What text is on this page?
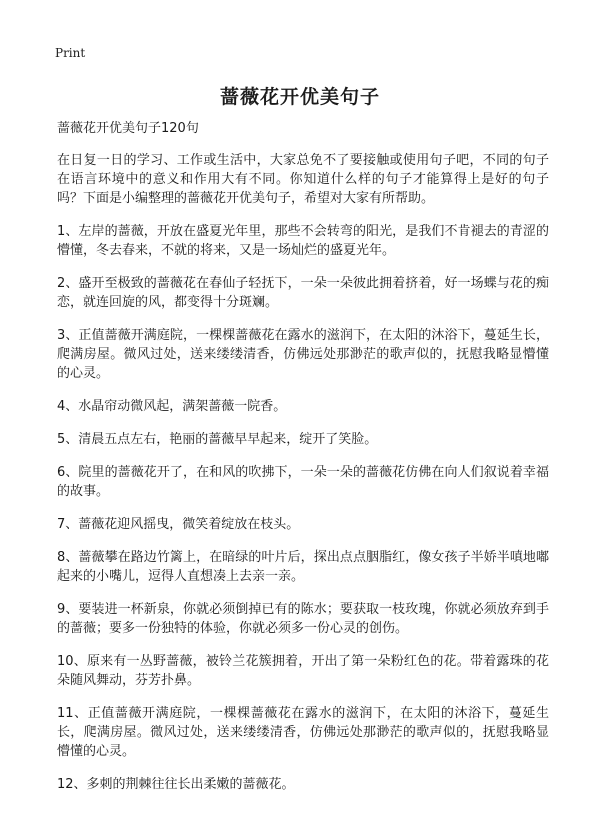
Print
蔷薇花开优美句子

蔷薇花开优美句子120句

在日复一日的学习、工作或生活中，大家总免不了要接触或使用句子吧，不同的句子在语言环境中的意义和作用大有不同。你知道什么样的句子才能算得上是好的句子吗？下面是小编整理的蔷薇花开优美句子，希望对大家有所帮助。

1、左岸的蔷薇，开放在盛夏光年里，那些不会转弯的阳光，是我们不肯褪去的青涩的懵懂，冬去春来，不就的将来，又是一场灿烂的盛夏光年。

2、盛开至极致的蔷薇花在春仙子轻抚下，一朵一朵彼此拥着挤着，好一场蝶与花的痴恋，就连回旋的风，都变得十分斑斓。

3、正值蔷薇开满庭院，一棵棵蔷薇花在露水的滋润下，在太阳的沐浴下，蔓延生长，爬满房屋。微风过处，送来缕缕清香，仿佛远处那渺茫的歌声似的，抚慰我略显懵懂的心灵。

4、水晶帘动微风起，满架蔷薇一院香。

5、清晨五点左右，艳丽的蔷薇早早起来，绽开了笑脸。

6、院里的蔷薇花开了，在和风的吹拂下，一朵一朵的蔷薇花仿佛在向人们叙说着幸福的故事。

7、蔷薇花迎风摇曳，微笑着绽放在枝头。

8、蔷薇攀在路边竹篱上，在暗绿的叶片后，探出点点胭脂红，像女孩子半娇半嗔地嘟起来的小嘴儿，逗得人直想凑上去亲一亲。

9、要装进一杯新泉，你就必须倒掉已有的陈水；要获取一枝玫瑰，你就必须放弃到手的蔷薇；要多一份独特的体验，你就必须多一份心灵的创伤。

10、原来有一丛野蔷薇，被铃兰花簇拥着，开出了第一朵粉红色的花。带着露珠的花朵随风舞动，芬芳扑鼻。

11、正值蔷薇开满庭院，一棵棵蔷薇花在露水的滋润下，在太阳的沐浴下，蔓延生长，爬满房屋。微风过处，送来缕缕清香，仿佛远处那渺茫的歌声似的，抚慰我略显懵懂的心灵。

12、多刺的荆棘往往长出柔嫩的蔷薇花。
